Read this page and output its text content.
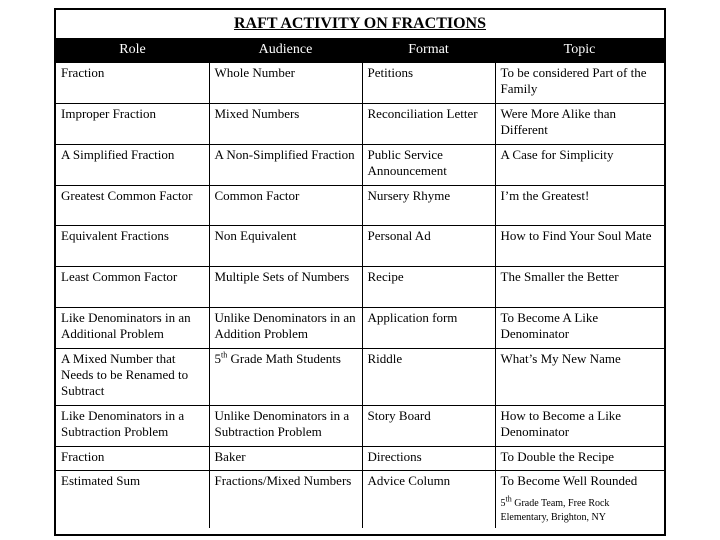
RAFT ACTIVITY ON FRACTIONS
Role	Audience	Format	Topic
Fraction	Whole Number	Petitions	To be considered Part of the Family
Improper Fraction	Mixed Numbers	Reconciliation Letter	Were More Alike than Different
A Simplified Fraction	A Non-Simplified Fraction	Public Service Announcement	A Case for Simplicity
Greatest Common Factor	Common Factor	Nursery Rhyme	I’m the Greatest!
Equivalent Fractions	Non Equivalent	Personal Ad	How to Find Your Soul Mate
Least Common Factor	Multiple Sets of Numbers	Recipe	The Smaller the Better
Like Denominators in an Additional Problem	Unlike Denominators in an Addition Problem	Application form	To Become A Like Denominator
A Mixed Number that Needs to be Renamed to Subtract	5th Grade Math Students	Riddle	What’s My New Name
Like Denominators in a Subtraction Problem	Unlike Denominators in a Subtraction Problem	Story Board	How to Become a Like Denominator
Fraction	Baker	Directions	To Double the Recipe
Estimated Sum	Fractions/Mixed Numbers	Advice Column	To Become Well Rounded
5th Grade Team, Free Rock Elementary, Brighton, NY
